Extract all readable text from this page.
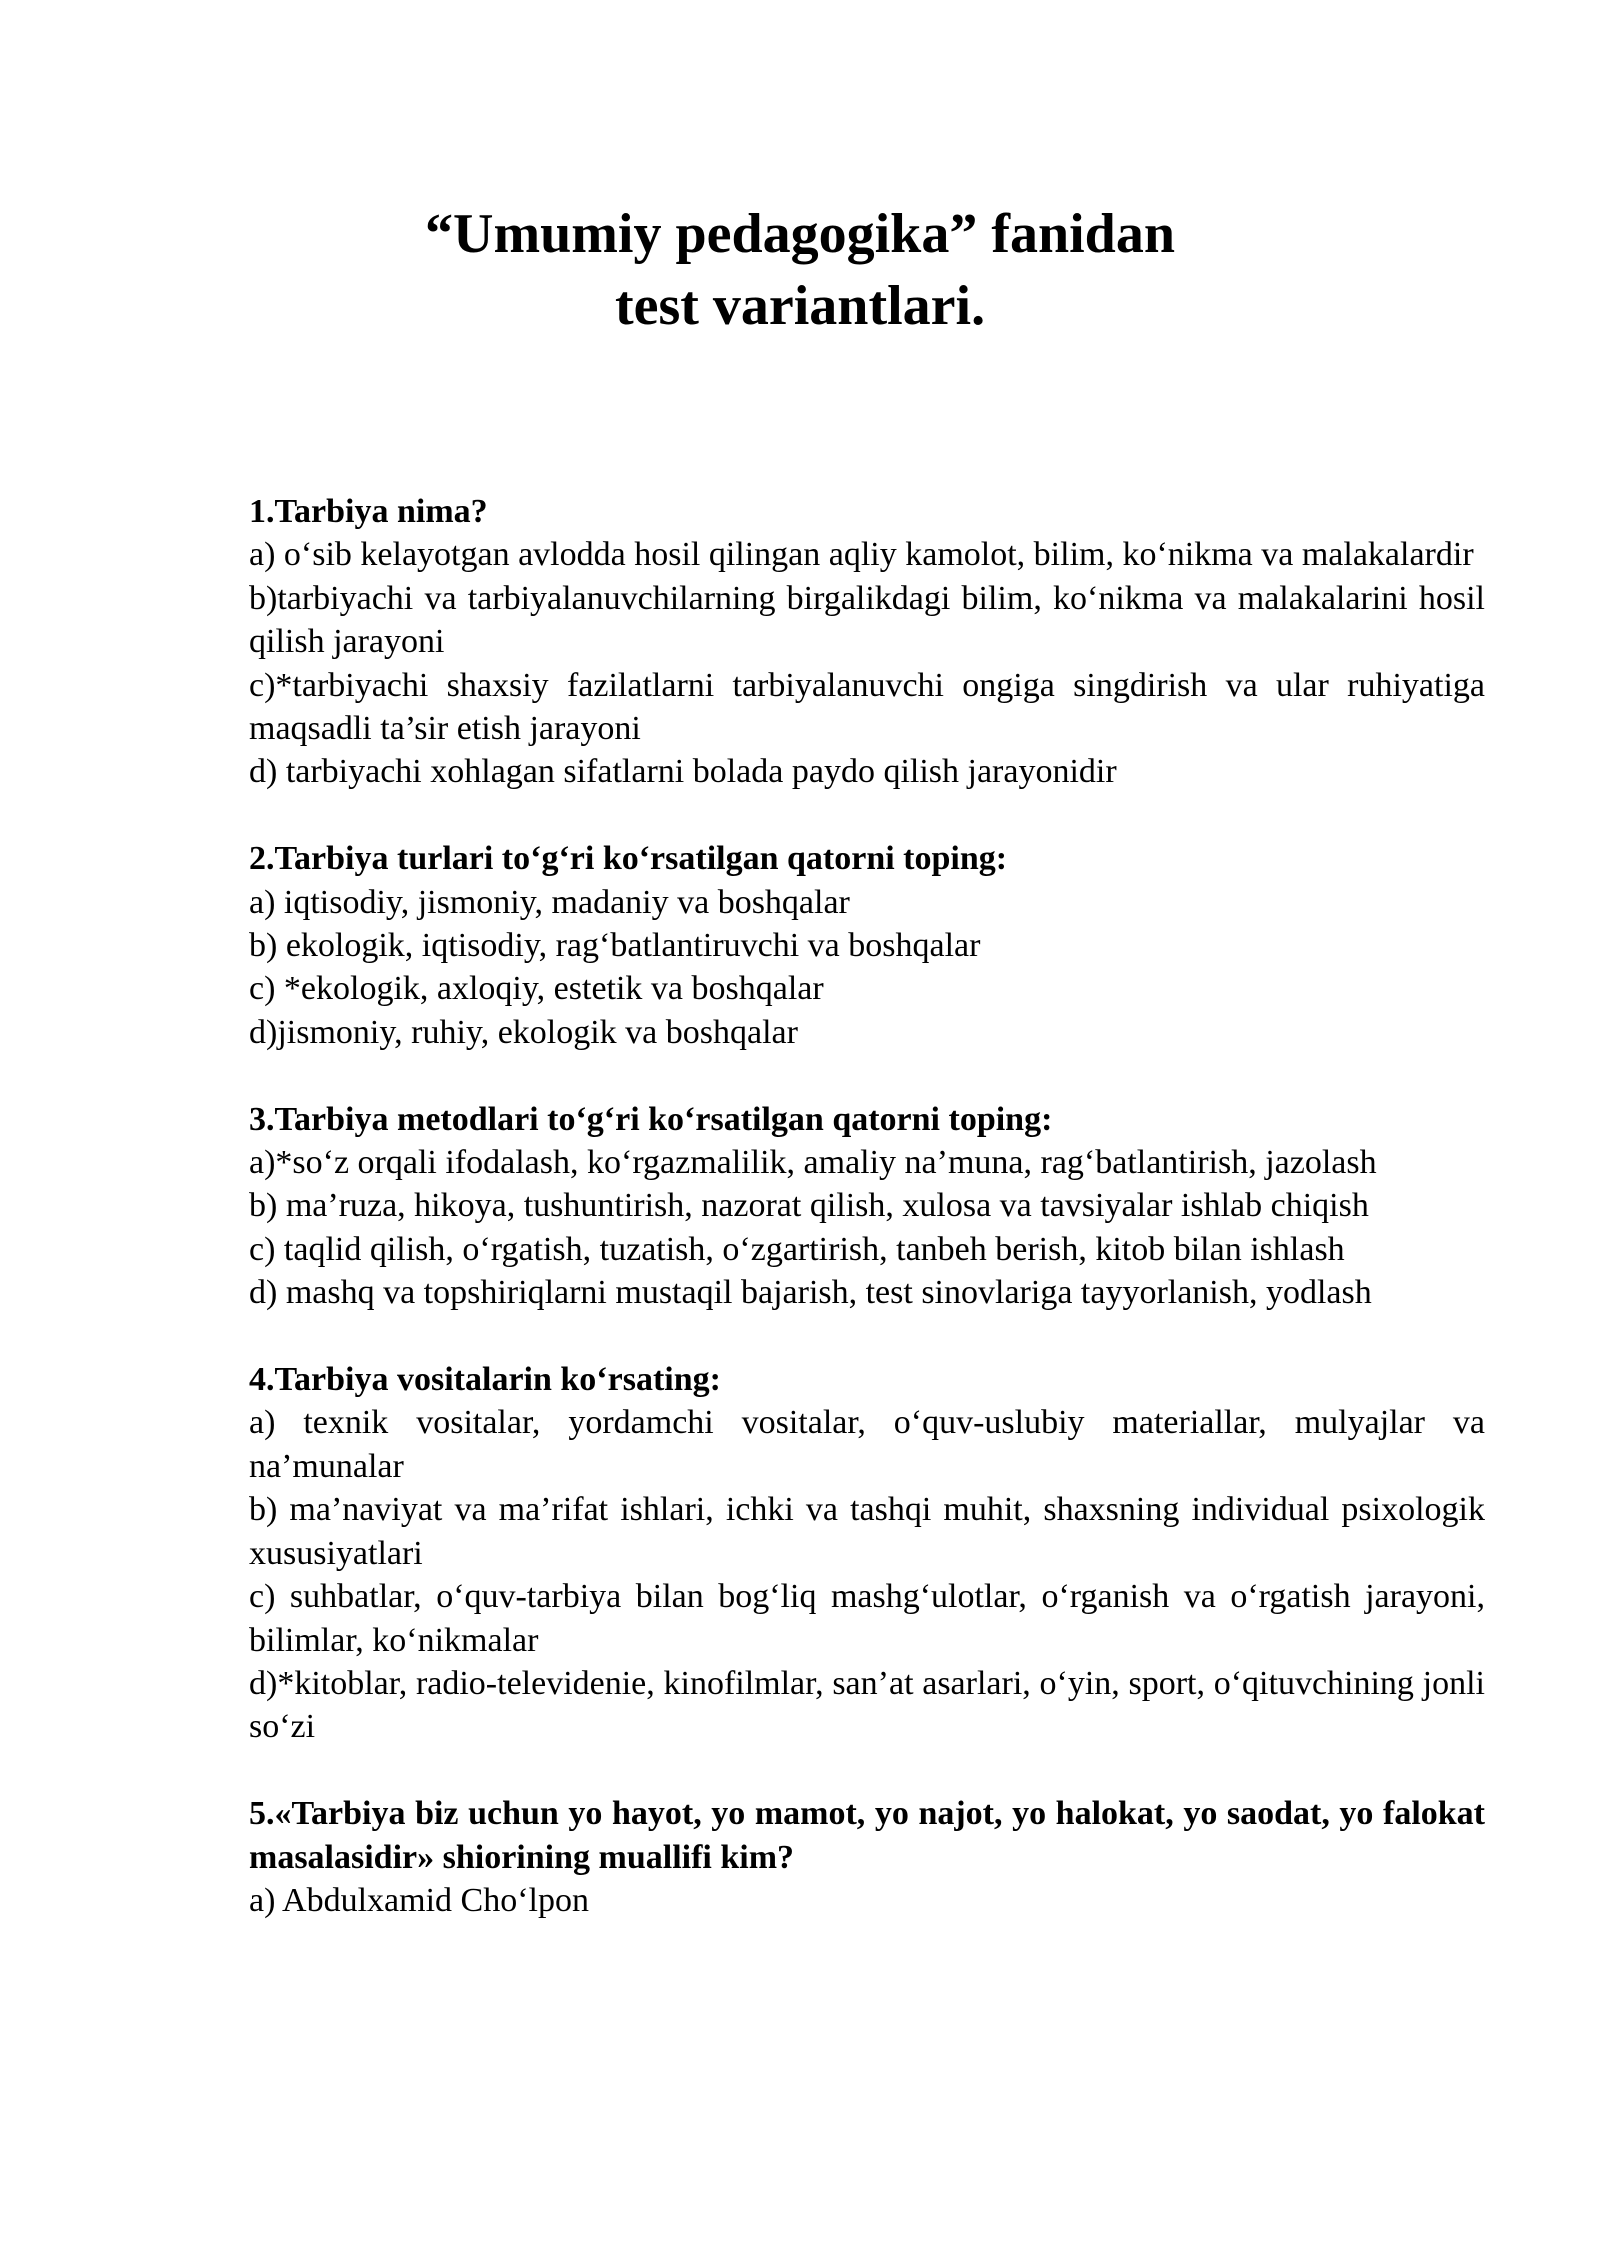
“Umumiy pedagogika” fanidan
test variantlari.
1.Tarbiya nima?
a) o‘sib kelayotgan avlodda hosil qilingan aqliy kamolot, bilim, ko‘nikma va malakalardir
b)tarbiyachi va tarbiyalanuvchilarning birgalikdagi bilim, ko‘nikma va malakalarini hosil qilish jarayoni
c)*tarbiyachi shaxsiy fazilatlarni tarbiyalanuvchi ongiga singdirish va ular ruhiyatiga maqsadli ta’sir etish jarayoni
d) tarbiyachi xohlagan sifatlarni bolada paydo qilish jarayonidir
2.Tarbiya turlari to‘g‘ri ko‘rsatilgan qatorni toping:
a) iqtisodiy, jismoniy, madaniy va boshqalar
b) ekologik, iqtisodiy, rag‘batlantiruvchi va boshqalar
c) *ekologik, axloqiy, estetik va boshqalar
d)jismoniy, ruhiy, ekologik va boshqalar
3.Tarbiya metodlari to‘g‘ri ko‘rsatilgan qatorni toping:
a)*so‘z orqali ifodalash, ko‘rgazmalilik, amaliy na’muna, rag‘batlantirish, jazolash
b) ma’ruza, hikoya, tushuntirish, nazorat qilish, xulosa va tavsiyalar ishlab chiqish
c) taqlid qilish, o‘rgatish, tuzatish, o‘zgartirish, tanbeh berish, kitob bilan ishlash
d) mashq va topshiriqlarni mustaqil bajarish, test sinovlariga tayyorlanish, yodlash
4.Tarbiya vositalarin ko‘rsating:
a) texnik vositalar, yordamchi vositalar, o‘quv-uslubiy materiallar, mulyajlar va na’munalar
b) ma’naviyat va ma’rifat ishlari, ichki va tashqi muhit, shaxsning individual psixologik xususiyatlari
c) suhbatlar, o‘quv-tarbiya bilan bog‘liq mashg‘ulotlar, o‘rganish va o‘rgatish jarayoni, bilimlar, ko‘nikmalar
d)*kitoblar, radio-televidenie, kinofilmlar, san’at asarlari, o‘yin, sport, o‘qituvchining jonli so‘zi
5.«Tarbiya biz uchun yo hayot, yo mamot, yo najot, yo halokat, yo saodat, yo falokat masalasidir» shiorining muallifi kim?
a) Abdulxamid Cho‘lpon
